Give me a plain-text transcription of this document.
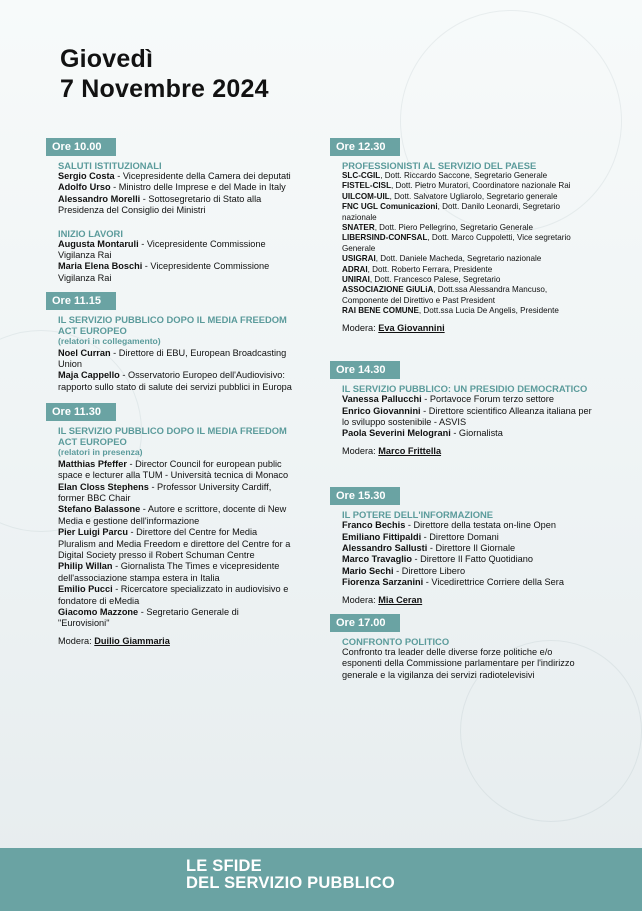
Giovedì
7 Novembre 2024
Ore 10.00
SALUTI ISTITUZIONALI
Sergio Costa - Vicepresidente della Camera dei deputati
Adolfo Urso - Ministro delle Imprese e del Made in Italy
Alessandro Morelli - Sottosegretario di Stato alla Presidenza del Consiglio dei Ministri
INIZIO LAVORI
Augusta Montaruli - Vicepresidente Commissione Vigilanza Rai
Maria Elena Boschi - Vicepresidente Commissione Vigilanza Rai
Ore 11.15
IL SERVIZIO PUBBLICO DOPO IL MEDIA FREEDOM ACT EUROPEO
(relatori in collegamento)
Noel Curran - Direttore di EBU, European Broadcasting Union
Maja Cappello - Osservatorio Europeo dell'Audiovisivo: rapporto sullo stato di salute dei servizi pubblici in Europa
Ore 11.30
IL SERVIZIO PUBBLICO DOPO IL MEDIA FREEDOM ACT EUROPEO
(relatori in presenza)
Matthias Pfeffer - Director Council for european public space e lecturer alla TUM - Università tecnica di Monaco
Elan Closs Stephens - Professor University Cardiff, former BBC Chair
Stefano Balassone - Autore e scrittore, docente di New Media e gestione dell'informazione
Pier Luigi Parcu - Direttore del Centre for Media Pluralism and Media Freedom e direttore del Centre for a Digital Society presso il Robert Schuman Centre
Philip Willan - Giornalista The Times e vicepresidente dell'associazione stampa estera in Italia
Emilio Pucci - Ricercatore specializzato in audiovisivo e fondatore di eMedia
Giacomo Mazzone - Segretario Generale di "Eurovisioni"
Modera: Duilio Giammaria
Ore 12.30
PROFESSIONISTI AL SERVIZIO DEL PAESE
SLC-CGIL, Dott. Riccardo Saccone, Segretario Generale
FISTEL-CISL, Dott. Pietro Muratori, Coordinatore nazionale Rai
UILCOM-UIL, Dott. Salvatore Ugliarolo, Segretario generale
FNC UGL Comunicazioni, Dott. Danilo Leonardi, Segretario nazionale
SNATER, Dott. Piero Pellegrino, Segretario Generale
LIBERSIND-CONFSAL, Dott. Marco Cuppoletti, Vice segretario Generale
USIGRAI, Dott. Daniele Macheda, Segretario nazionale
ADRAI, Dott. Roberto Ferrara, Presidente
UNIRAI, Dott. Francesco Palese, Segretario
ASSOCIAZIONE GiULiA, Dott.ssa Alessandra Mancuso, Componente del Direttivo e Past President
RAI BENE COMUNE, Dott.ssa Lucia De Angelis, Presidente
Modera: Eva Giovannini
Ore 14.30
IL SERVIZIO PUBBLICO: UN PRESIDIO DEMOCRATICO
Vanessa Pallucchi - Portavoce Forum terzo settore
Enrico Giovannini - Direttore scientifico Alleanza italiana per lo sviluppo sostenibile - ASVIS
Paola Severini Melograni - Giornalista
Modera: Marco Frittella
Ore 15.30
IL POTERE DELL'INFORMAZIONE
Franco Bechis - Direttore della testata on-line Open
Emiliano Fittipaldi - Direttore Domani
Alessandro Sallusti - Direttore Il Giornale
Marco Travaglio - Direttore Il Fatto Quotidiano
Mario Sechi - Direttore Libero
Fiorenza Sarzanini - Vicedirettrice Corriere della Sera
Modera: Mia Ceran
Ore 17.00
CONFRONTO POLITICO
Confronto tra leader delle diverse forze politiche e/o esponenti della Commissione parlamentare per l'indirizzo generale e la vigilanza dei servizi radiotelevisivi
LE SFIDE
DEL SERVIZIO PUBBLICO
